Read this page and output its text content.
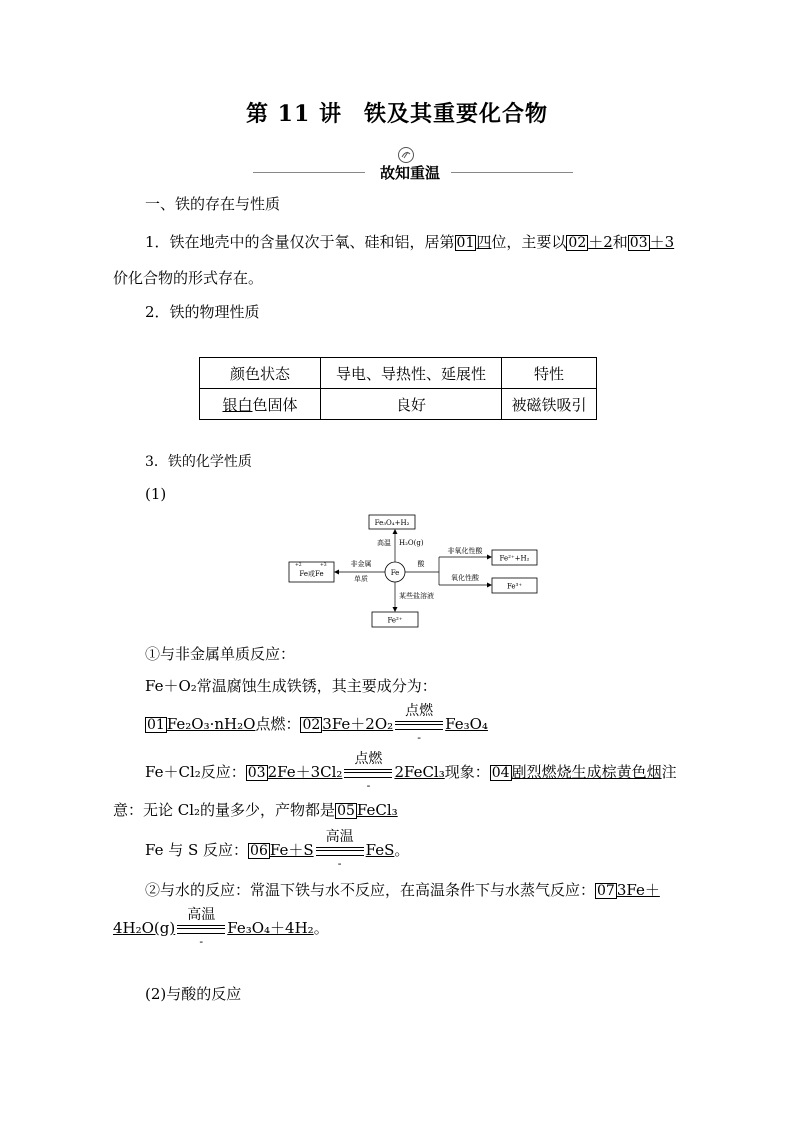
第 11 讲 铁及其重要化合物
故知重温
一、铁的存在与性质
1．铁在地壳中的含量仅次于氧、硅和铝，居第 01 四位，主要以 02 ＋2和 03 ＋3
价化合物的形式存在。
2．铁的物理性质
颜色状态	导电、导热性、延展性	特性
银白色固体	良好	被磁铁吸引
3．铁的化学性质
(1)
Fe₃O₄+H₂
Fe
高温 H₂O(g)
非金属
单质
+2	+3
Fe或Fe
酸
非氧化性酸
氧化性酸
Fe²⁺+H₂
Fe³⁺
某些盐溶液
Fe²⁺
①与非金属单质反应：
Fe＋O₂常温腐蚀生成铁锈，其主要成分为：
01 Fe₂O₃·nH₂O点燃： 02 3Fe＋2O₂
点燃
-
Fe₃O₄
Fe＋Cl₂反应： 03 2Fe＋3Cl₂
点燃
-
2FeCl₃现象： 04 剧烈燃烧生成棕黄色烟注
意：无论 Cl₂的量多少，产物都是 05 FeCl₃
Fe 与 S 反应： 06 Fe＋S
高温
-
FeS。
②与水的反应：常温下铁与水不反应，在高温条件下与水蒸气反应： 07 3Fe＋
4H₂O(g)
高温
-
Fe₃O₄＋4H₂。
(2)与酸的反应
